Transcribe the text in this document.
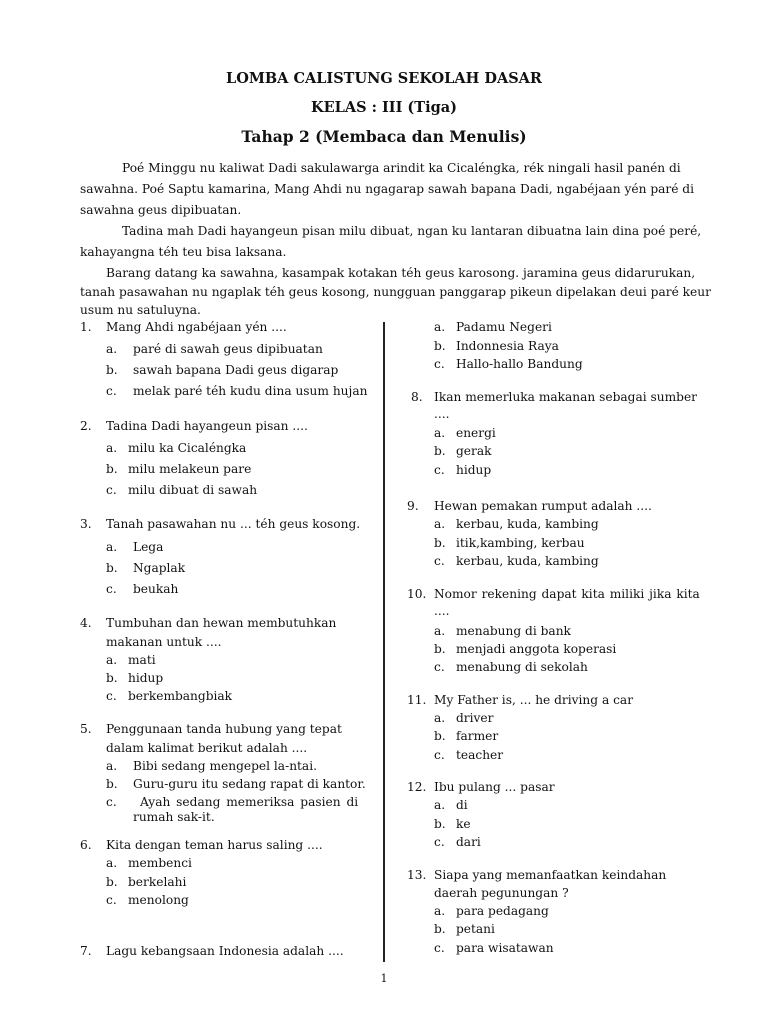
LOMBA CALISTUNG SEKOLAH DASAR
KELAS : III (Tiga)
Tahap 2 (Membaca dan Menulis)
Poé Minggu nu kaliwat Dadi sakulawarga arindit ka Cicaléngka, rék ningali hasil panén di
sawahna. Poé Saptu kamarina, Mang Ahdi nu ngagarap sawah bapana Dadi, ngabéjaan yén paré di
sawahna geus dipibuatan.
Tadina mah Dadi hayangeun pisan milu dibuat, ngan ku lantaran dibuatna lain dina poé peré,
kahayangna téh teu bisa laksana.
Barang datang ka sawahna, kasampak kotakan téh geus karosong. jaramina geus didarurukan,
tanah pasawahan nu ngaplak téh geus kosong, nungguan panggarap pikeun dipelakan deui paré keur
usum nu satuluyna.
1. Mang Ahdi ngabéjaan yén ....
a. paré di sawah geus dipibuatan
b. sawah bapana Dadi geus digarap
c. melak paré téh kudu dina usum hujan
2. Tadina Dadi hayangeun pisan ....
a. milu ka Cicaléngka
b. milu melakeun pare
c. milu dibuat di sawah
3. Tanah pasawahan nu ... téh geus kosong.
a. Lega
b. Ngaplak
c. beukah
4. Tumbuhan dan hewan membutuhkan
makanan untuk ....
a. mati
b. hidup
c. berkembangbiak
5. Penggunaan tanda hubung yang tepat
dalam kalimat berikut adalah ....
a. Bibi sedang mengepel la-ntai.
b. Guru-guru itu sedang rapat di kantor.
c. Ayah sedang memeriksa pasien di
rumah sak-it.
6. Kita dengan teman harus saling ....
a. membenci
b. berkelahi
c. menolong
7. Lagu kebangsaan Indonesia adalah ....
a. Padamu Negeri
b. Indonnesia Raya
c. Hallo-hallo Bandung
8. Ikan memerluka makanan sebagai sumber
....
a. energi
b. gerak
c. hidup
9. Hewan pemakan rumput adalah ....
a. kerbau, kuda, kambing
b. itik,kambing, kerbau
c. kerbau, kuda, kambing
10. Nomor rekening dapat kita miliki jika kita
....
a. menabung di bank
b. menjadi anggota koperasi
c. menabung di sekolah
11. My Father is, ... he driving a car
a. driver
b. farmer
c. teacher
12. Ibu pulang ... pasar
a. di
b. ke
c. dari
13. Siapa yang memanfaatkan keindahan
daerah pegunungan ?
a. para pedagang
b. petani
c. para wisatawan
1
